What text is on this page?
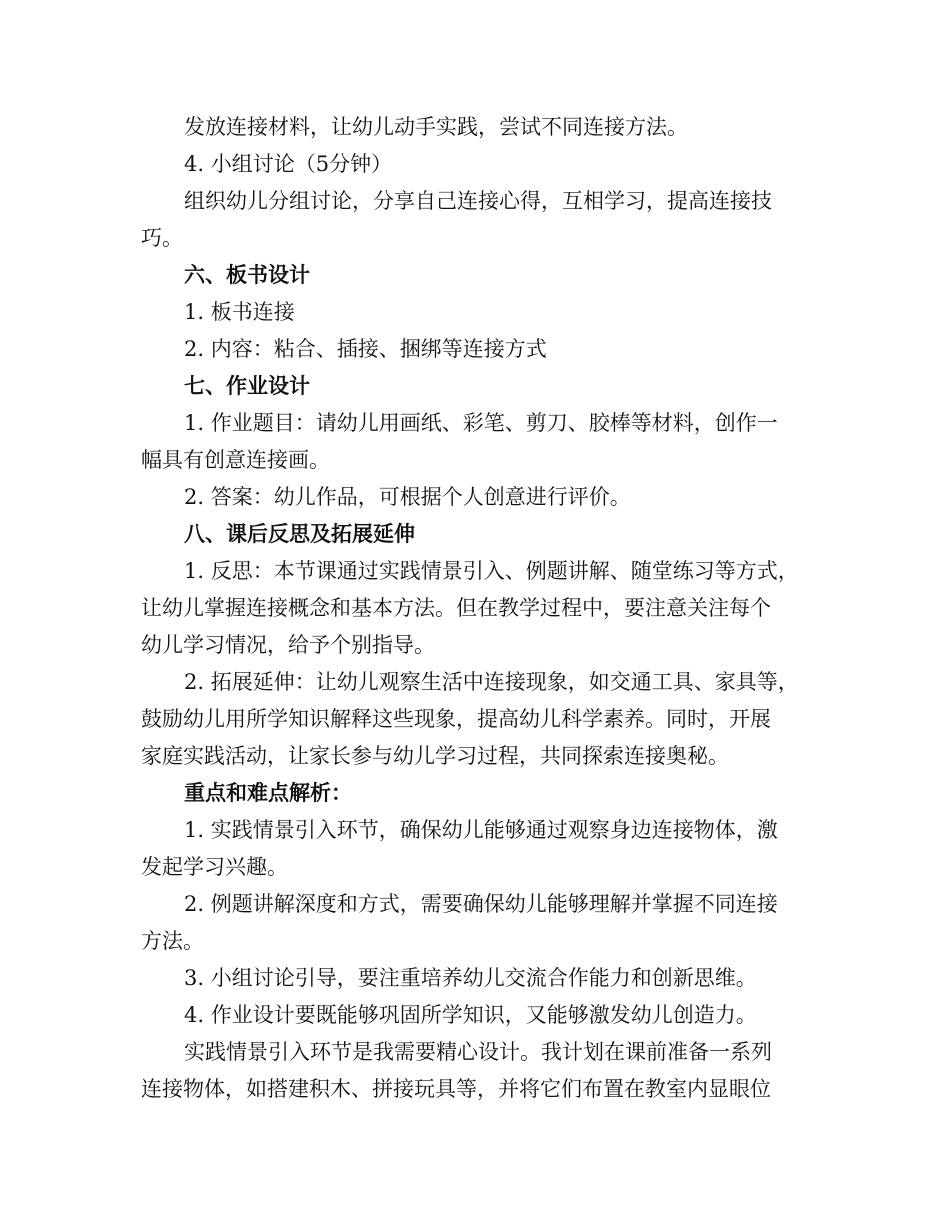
发放连接材料，让幼儿动手实践，尝试不同连接方法。

4. 小组讨论（5分钟）

组织幼儿分组讨论，分享自己连接心得，互相学习，提高连接技

巧。

六、板书设计

1. 板书连接

2. 内容：粘合、插接、捆绑等连接方式

七、作业设计

1. 作业题目：请幼儿用画纸、彩笔、剪刀、胶棒等材料，创作一

幅具有创意连接画。

2. 答案：幼儿作品，可根据个人创意进行评价。

八、课后反思及拓展延伸

1. 反思：本节课通过实践情景引入、例题讲解、随堂练习等方式，

让幼儿掌握连接概念和基本方法。但在教学过程中，要注意关注每个

幼儿学习情况，给予个别指导。

2. 拓展延伸：让幼儿观察生活中连接现象，如交通工具、家具等，

鼓励幼儿用所学知识解释这些现象，提高幼儿科学素养。同时，开展

家庭实践活动，让家长参与幼儿学习过程，共同探索连接奥秘。

重点和难点解析：

1. 实践情景引入环节，确保幼儿能够通过观察身边连接物体，激

发起学习兴趣。

2. 例题讲解深度和方式，需要确保幼儿能够理解并掌握不同连接

方法。

3. 小组讨论引导，要注重培养幼儿交流合作能力和创新思维。

4. 作业设计要既能够巩固所学知识，又能够激发幼儿创造力。

实践情景引入环节是我需要精心设计。我计划在课前准备一系列

连接物体，如搭建积木、拼接玩具等，并将它们布置在教室内显眼位
